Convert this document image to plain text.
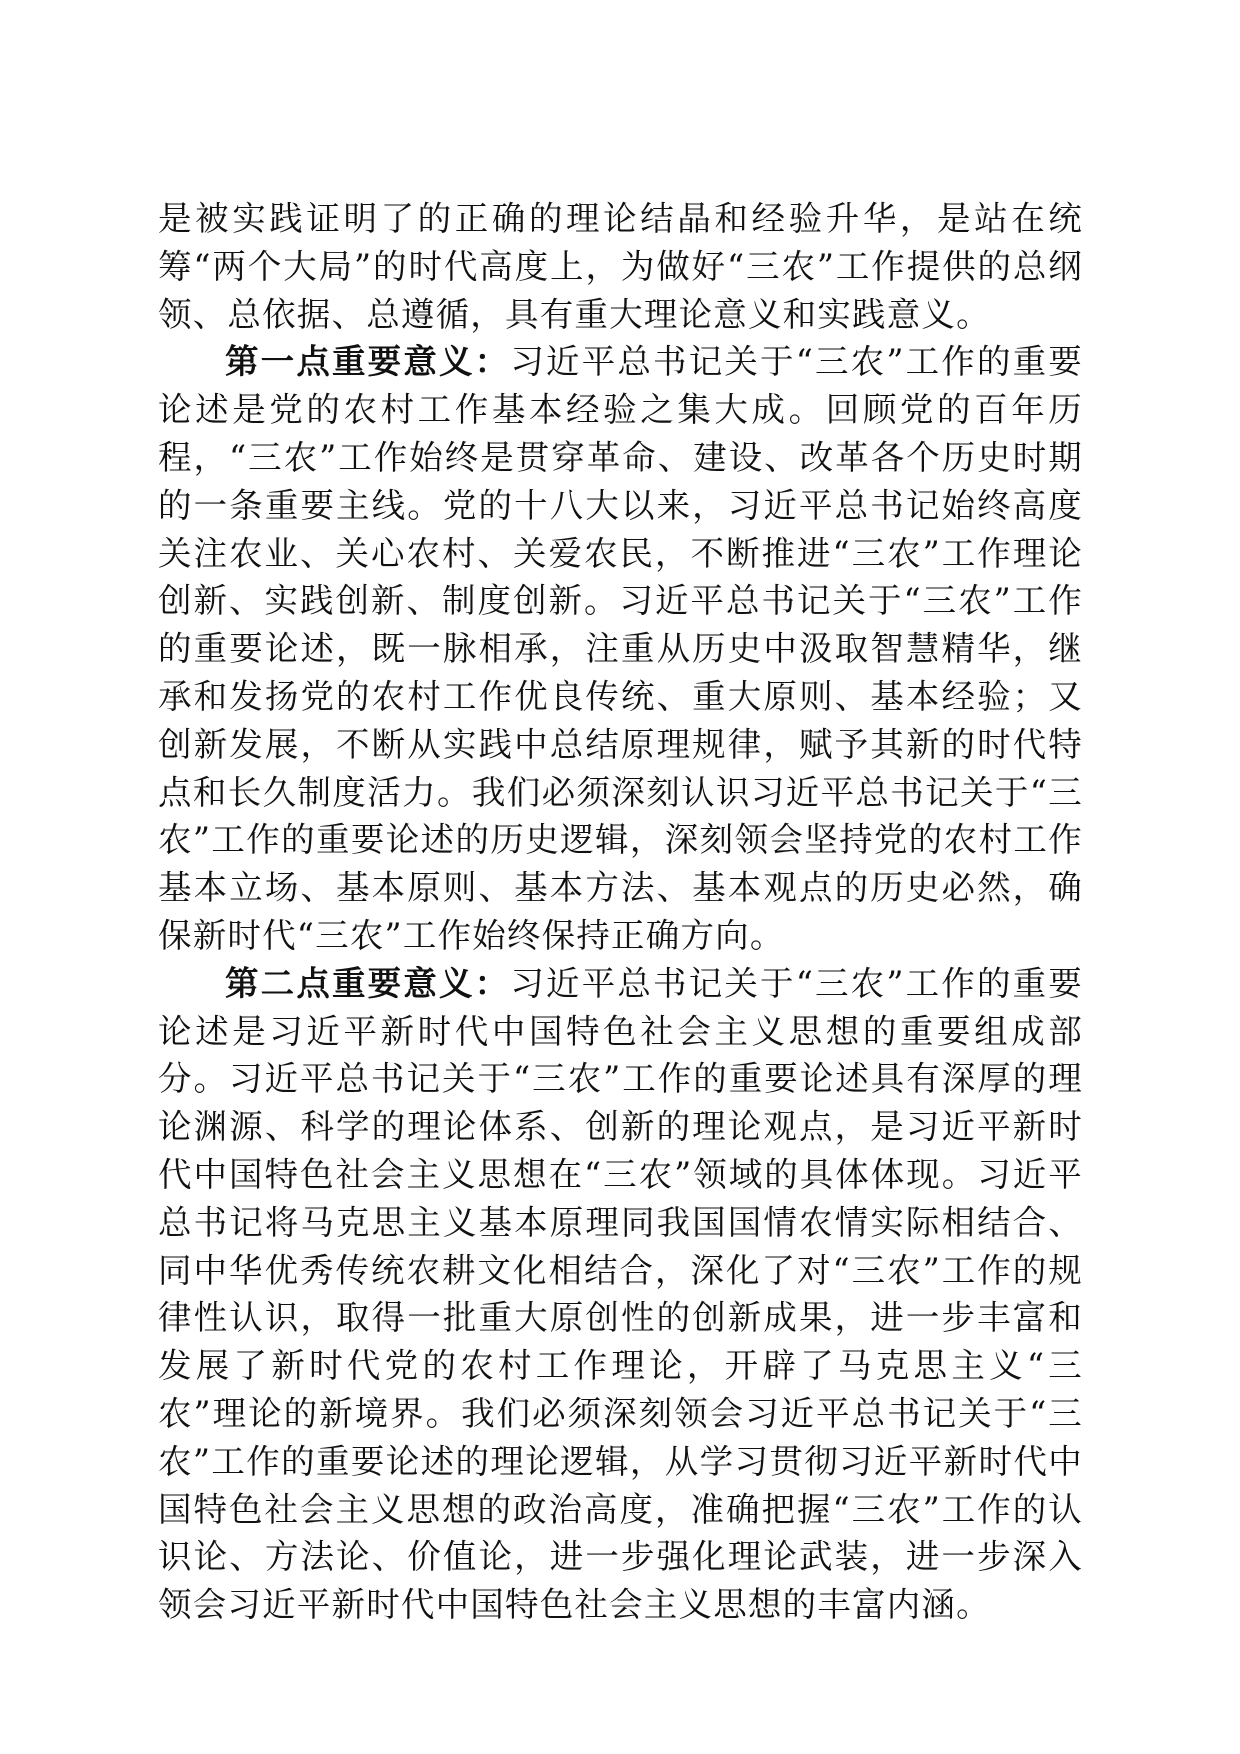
是被实践证明了的正确的理论结晶和经验升华，是站在统筹“两个大局”的时代高度上，为做好“三农”工作提供的总纲领、总依据、总遵循，具有重大理论意义和实践意义。

第一点重要意义：习近平总书记关于“三农”工作的重要论述是党的农村工作基本经验之集大成。回顾党的百年历程，“三农”工作始终是贯穿革命、建设、改革各个历史时期的一条重要主线。党的十八大以来，习近平总书记始终高度关注农业、关心农村、关爱农民，不断推进“三农”工作理论创新、实践创新、制度创新。习近平总书记关于“三农”工作的重要论述，既一脉相承，注重从历史中汲取智慧精华，继承和发扬党的农村工作优良传统、重大原则、基本经验；又创新发展，不断从实践中总结原理规律，赋予其新的时代特点和长久制度活力。我们必须深刻认识习近平总书记关于“三农”工作的重要论述的历史逻辑，深刻领会坚持党的农村工作基本立场、基本原则、基本方法、基本观点的历史必然，确保新时代“三农”工作始终保持正确方向。

第二点重要意义：习近平总书记关于“三农”工作的重要论述是习近平新时代中国特色社会主义思想的重要组成部分。习近平总书记关于“三农”工作的重要论述具有深厚的理论渊源、科学的理论体系、创新的理论观点，是习近平新时代中国特色社会主义思想在“三农”领域的具体体现。习近平总书记将马克思主义基本原理同我国国情农情实际相结合、同中华优秀传统农耕文化相结合，深化了对“三农”工作的规律性认识，取得一批重大原创性的创新成果，进一步丰富和发展了新时代党的农村工作理论，开辟了马克思主义“三农”理论的新境界。我们必须深刻领会习近平总书记关于“三农”工作的重要论述的理论逻辑，从学习贯彻习近平新时代中国特色社会主义思想的政治高度，准确把握“三农”工作的认识论、方法论、价值论，进一步强化理论武装，进一步深入领会习近平新时代中国特色社会主义思想的丰富内涵。
